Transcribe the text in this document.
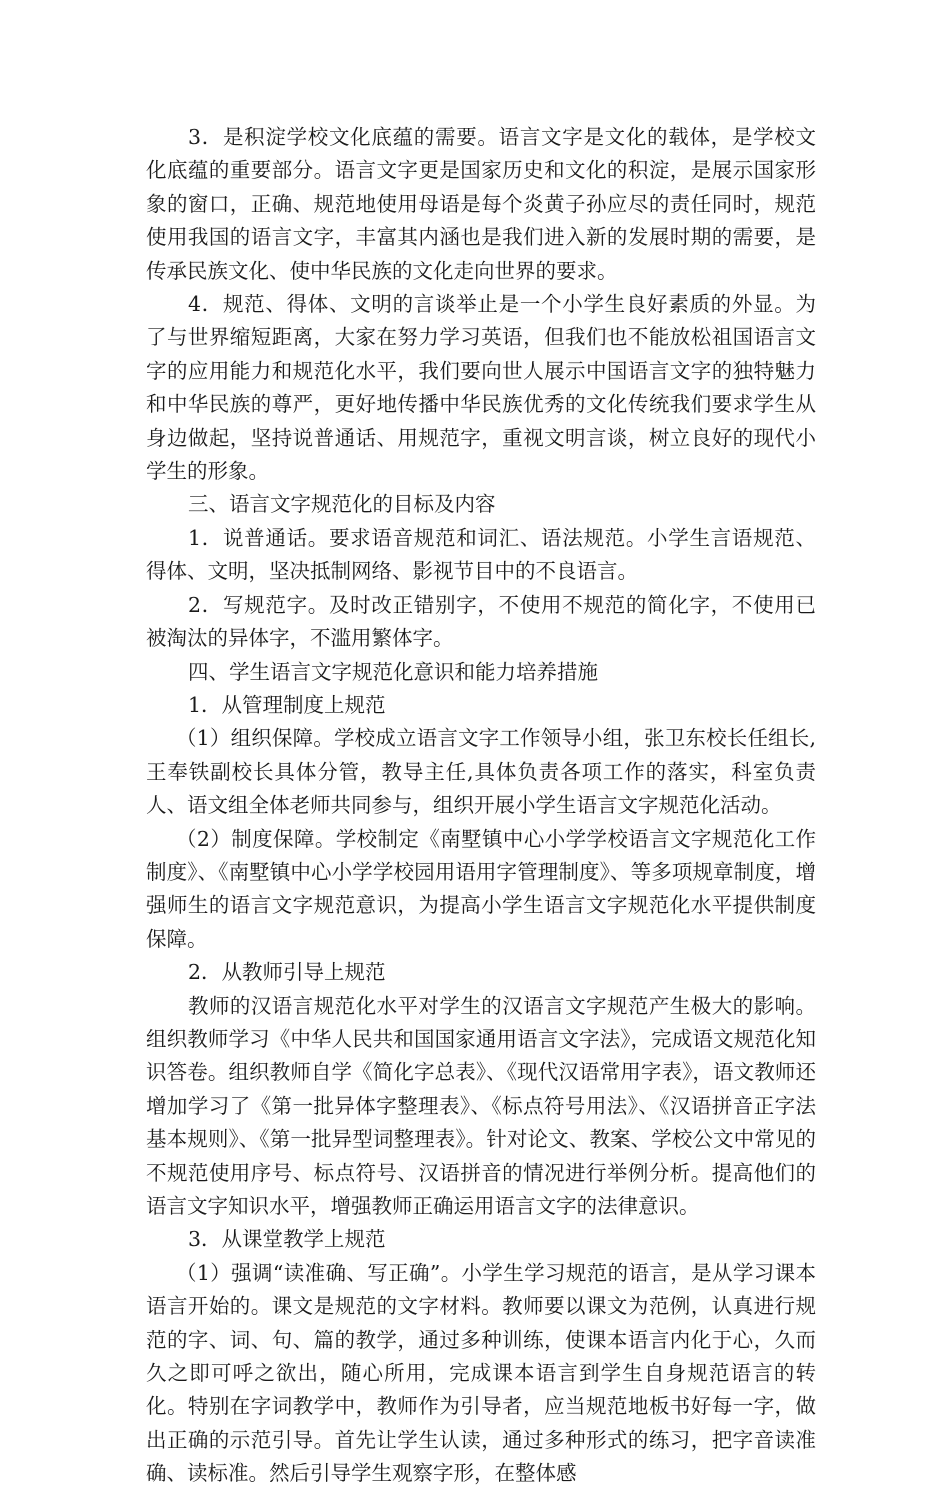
3．是积淀学校文化底蕴的需要。语言文字是文化的载体，是学校文化底蕴的重要部分。语言文字更是国家历史和文化的积淀，是展示国家形象的窗口，正确、规范地使用母语是每个炎黄子孙应尽的责任同时，规范使用我国的语言文字，丰富其内涵也是我们进入新的发展时期的需要，是传承民族文化、使中华民族的文化走向世界的要求。

4．规范、得体、文明的言谈举止是一个小学生良好素质的外显。为了与世界缩短距离，大家在努力学习英语，但我们也不能放松祖国语言文字的应用能力和规范化水平，我们要向世人展示中国语言文字的独特魅力和中华民族的尊严，更好地传播中华民族优秀的文化传统我们要求学生从身边做起，坚持说普通话、用规范字，重视文明言谈，树立良好的现代小学生的形象。

三、语言文字规范化的目标及内容

1．说普通话。要求语音规范和词汇、语法规范。小学生言语规范、得体、文明，坚决抵制网络、影视节目中的不良语言。

2．写规范字。及时改正错别字，不使用不规范的简化字，不使用已被淘汰的异体字，不滥用繁体字。

四、学生语言文字规范化意识和能力培养措施

1．从管理制度上规范

（1）组织保障。学校成立语言文字工作领导小组，张卫东校长任组长,王奉铁副校长具体分管，教导主任,具体负责各项工作的落实，科室负责人、语文组全体老师共同参与，组织开展小学生语言文字规范化活动。

（2）制度保障。学校制定《南墅镇中心小学学校语言文字规范化工作制度》、《南墅镇中心小学学校园用语用字管理制度》、等多项规章制度，增强师生的语言文字规范意识，为提高小学生语言文字规范化水平提供制度保障。

2．从教师引导上规范

教师的汉语言规范化水平对学生的汉语言文字规范产生极大的影响。组织教师学习《中华人民共和国国家通用语言文字法》，完成语文规范化知识答卷。组织教师自学《简化字总表》、《现代汉语常用字表》，语文教师还增加学习了《第一批异体字整理表》、《标点符号用法》、《汉语拼音正字法基本规则》、《第一批异型词整理表》。针对论文、教案、学校公文中常见的不规范使用序号、标点符号、汉语拼音的情况进行举例分析。提高他们的语言文字知识水平，增强教师正确运用语言文字的法律意识。

3．从课堂教学上规范

（1）强调“读准确、写正确”。小学生学习规范的语言，是从学习课本语言开始的。课文是规范的文字材料。教师要以课文为范例，认真进行规范的字、词、句、篇的教学，通过多种训练，使课本语言内化于心，久而久之即可呼之欲出，随心所用，完成课本语言到学生自身规范语言的转化。特别在字词教学中，教师作为引导者，应当规范地板书好每一字，做出正确的示范引导。首先让学生认读，通过多种形式的练习，把字音读准确、读标准。然后引导学生观察字形，在整体感
